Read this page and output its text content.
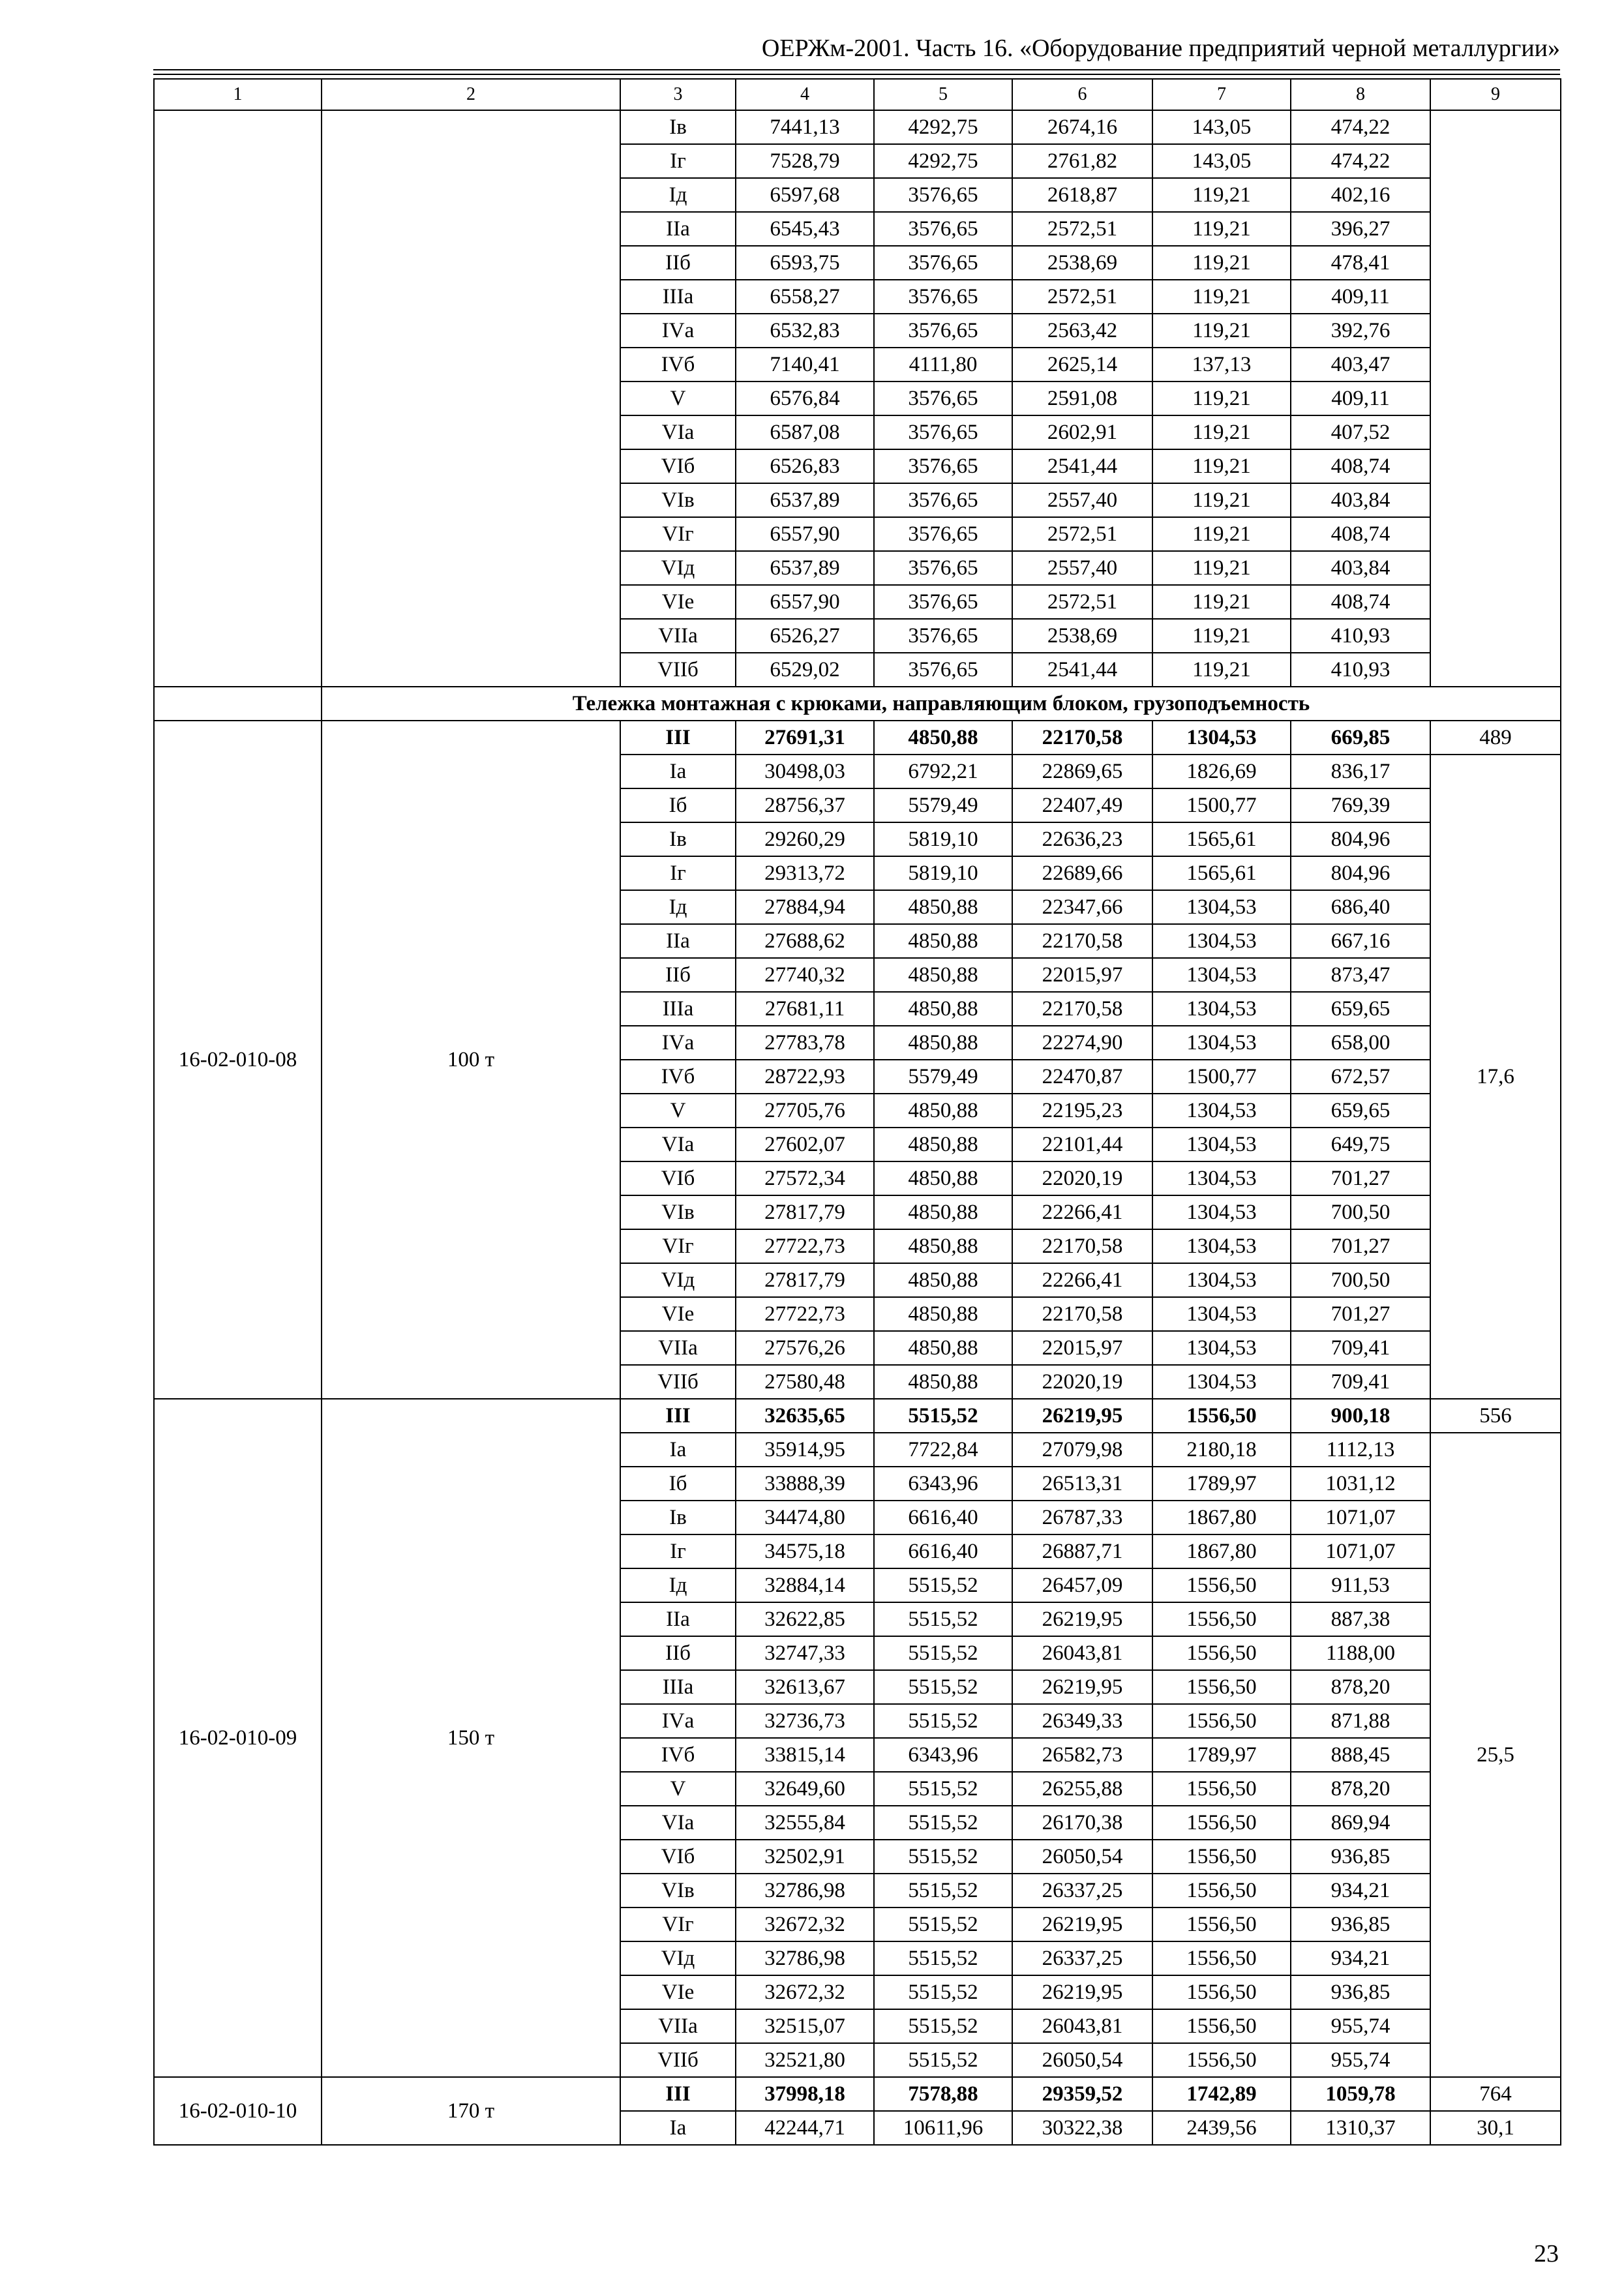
ОЕРЖм-2001. Часть 16. «Оборудование предприятий черной металлургии»
1	2	3	4	5	6	7	8	9
		Iв	7441,13	4292,75	2674,16	143,05	474,22	
		Iг	7528,79	4292,75	2761,82	143,05	474,22	
		Iд	6597,68	3576,65	2618,87	119,21	402,16	
		IIа	6545,43	3576,65	2572,51	119,21	396,27	
		IIб	6593,75	3576,65	2538,69	119,21	478,41	
		IIIа	6558,27	3576,65	2572,51	119,21	409,11	
		IVа	6532,83	3576,65	2563,42	119,21	392,76	
		IVб	7140,41	4111,80	2625,14	137,13	403,47	
		V	6576,84	3576,65	2591,08	119,21	409,11	
		VIа	6587,08	3576,65	2602,91	119,21	407,52	
		VIб	6526,83	3576,65	2541,44	119,21	408,74	
		VIв	6537,89	3576,65	2557,40	119,21	403,84	
		VIг	6557,90	3576,65	2572,51	119,21	408,74	
		VIд	6537,89	3576,65	2557,40	119,21	403,84	
		VIе	6557,90	3576,65	2572,51	119,21	408,74	
		VIIа	6526,27	3576,65	2538,69	119,21	410,93	
		VIIб	6529,02	3576,65	2541,44	119,21	410,93	
	Тележка монтажная с крюками, направляющим блоком, грузоподъемность							
16-02-010-08	100 т	III	27691,31	4850,88	22170,58	1304,53	669,85	489
		Iа	30498,03	6792,21	22869,65	1826,69	836,17	17,6
		Iб	28756,37	5579,49	22407,49	1500,77	769,39	
		Iв	29260,29	5819,10	22636,23	1565,61	804,96	
		Iг	29313,72	5819,10	22689,66	1565,61	804,96	
		Iд	27884,94	4850,88	22347,66	1304,53	686,40	
		IIа	27688,62	4850,88	22170,58	1304,53	667,16	
		IIб	27740,32	4850,88	22015,97	1304,53	873,47	
		IIIа	27681,11	4850,88	22170,58	1304,53	659,65	
		IVа	27783,78	4850,88	22274,90	1304,53	658,00	
		IVб	28722,93	5579,49	22470,87	1500,77	672,57	
		V	27705,76	4850,88	22195,23	1304,53	659,65	
		VIа	27602,07	4850,88	22101,44	1304,53	649,75	
		VIб	27572,34	4850,88	22020,19	1304,53	701,27	
		VIв	27817,79	4850,88	22266,41	1304,53	700,50	
		VIг	27722,73	4850,88	22170,58	1304,53	701,27	
		VIд	27817,79	4850,88	22266,41	1304,53	700,50	
		VIе	27722,73	4850,88	22170,58	1304,53	701,27	
		VIIа	27576,26	4850,88	22015,97	1304,53	709,41	
		VIIб	27580,48	4850,88	22020,19	1304,53	709,41	
16-02-010-09	150 т	III	32635,65	5515,52	26219,95	1556,50	900,18	556
		Iа	35914,95	7722,84	27079,98	2180,18	1112,13	25,5
		Iб	33888,39	6343,96	26513,31	1789,97	1031,12	
		Iв	34474,80	6616,40	26787,33	1867,80	1071,07	
		Iг	34575,18	6616,40	26887,71	1867,80	1071,07	
		Iд	32884,14	5515,52	26457,09	1556,50	911,53	
		IIа	32622,85	5515,52	26219,95	1556,50	887,38	
		IIб	32747,33	5515,52	26043,81	1556,50	1188,00	
		IIIа	32613,67	5515,52	26219,95	1556,50	878,20	
		IVа	32736,73	5515,52	26349,33	1556,50	871,88	
		IVб	33815,14	6343,96	26582,73	1789,97	888,45	
		V	32649,60	5515,52	26255,88	1556,50	878,20	
		VIа	32555,84	5515,52	26170,38	1556,50	869,94	
		VIб	32502,91	5515,52	26050,54	1556,50	936,85	
		VIв	32786,98	5515,52	26337,25	1556,50	934,21	
		VIг	32672,32	5515,52	26219,95	1556,50	936,85	
		VIд	32786,98	5515,52	26337,25	1556,50	934,21	
		VIе	32672,32	5515,52	26219,95	1556,50	936,85	
		VIIа	32515,07	5515,52	26043,81	1556,50	955,74	
		VIIб	32521,80	5515,52	26050,54	1556,50	955,74	
16-02-010-10	170 т	III	37998,18	7578,88	29359,52	1742,89	1059,78	764
		Iа	42244,71	10611,96	30322,38	2439,56	1310,37	30,1
23
